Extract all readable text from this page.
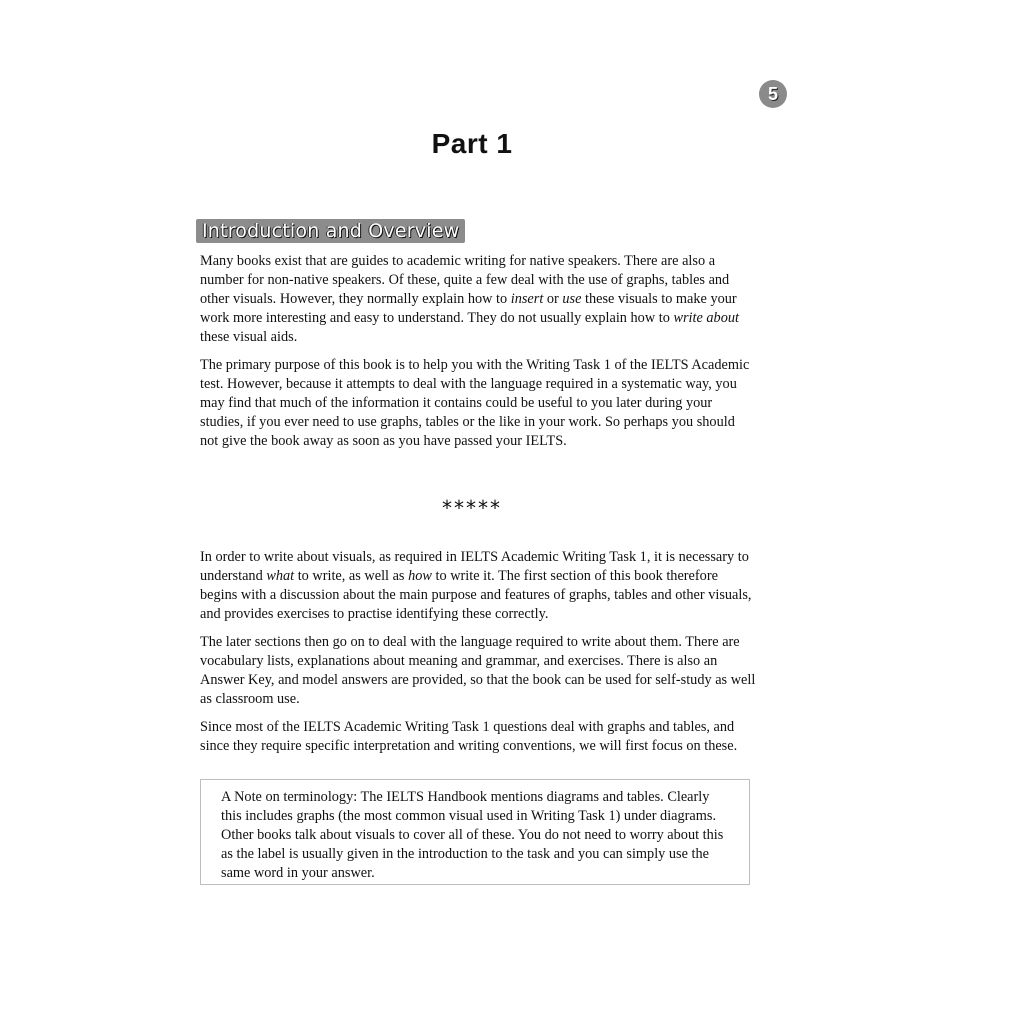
5
Part 1
Introduction and Overview

Many books exist that are guides to academic writing for native speakers. There are also a number for non-native speakers. Of these, quite a few deal with the use of graphs, tables and other visuals. However, they normally explain how to insert or use these visuals to make your work more interesting and easy to understand. They do not usually explain how to write about these visual aids.

The primary purpose of this book is to help you with the Writing Task 1 of the IELTS Academic test. However, because it attempts to deal with the language required in a systematic way, you may find that much of the information it contains could be useful to you later during your studies, if you ever need to use graphs, tables or the like in your work. So perhaps you should not give the book away as soon as you have passed your IELTS.

*****

In order to write about visuals, as required in IELTS Academic Writing Task 1, it is necessary to understand what to write, as well as how to write it. The first section of this book therefore begins with a discussion about the main purpose and features of graphs, tables and other visuals, and provides exercises to practise identifying these correctly.

The later sections then go on to deal with the language required to write about them. There are vocabulary lists, explanations about meaning and grammar, and exercises. There is also an Answer Key, and model answers are provided, so that the book can be used for self-study as well as classroom use.

Since most of the IELTS Academic Writing Task 1 questions deal with graphs and tables, and since they require specific interpretation and writing conventions, we will first focus on these.

A Note on terminology: The IELTS Handbook mentions diagrams and tables. Clearly this includes graphs (the most common visual used in Writing Task 1) under diagrams. Other books talk about visuals to cover all of these. You do not need to worry about this as the label is usually given in the introduction to the task and you can simply use the same word in your answer.
